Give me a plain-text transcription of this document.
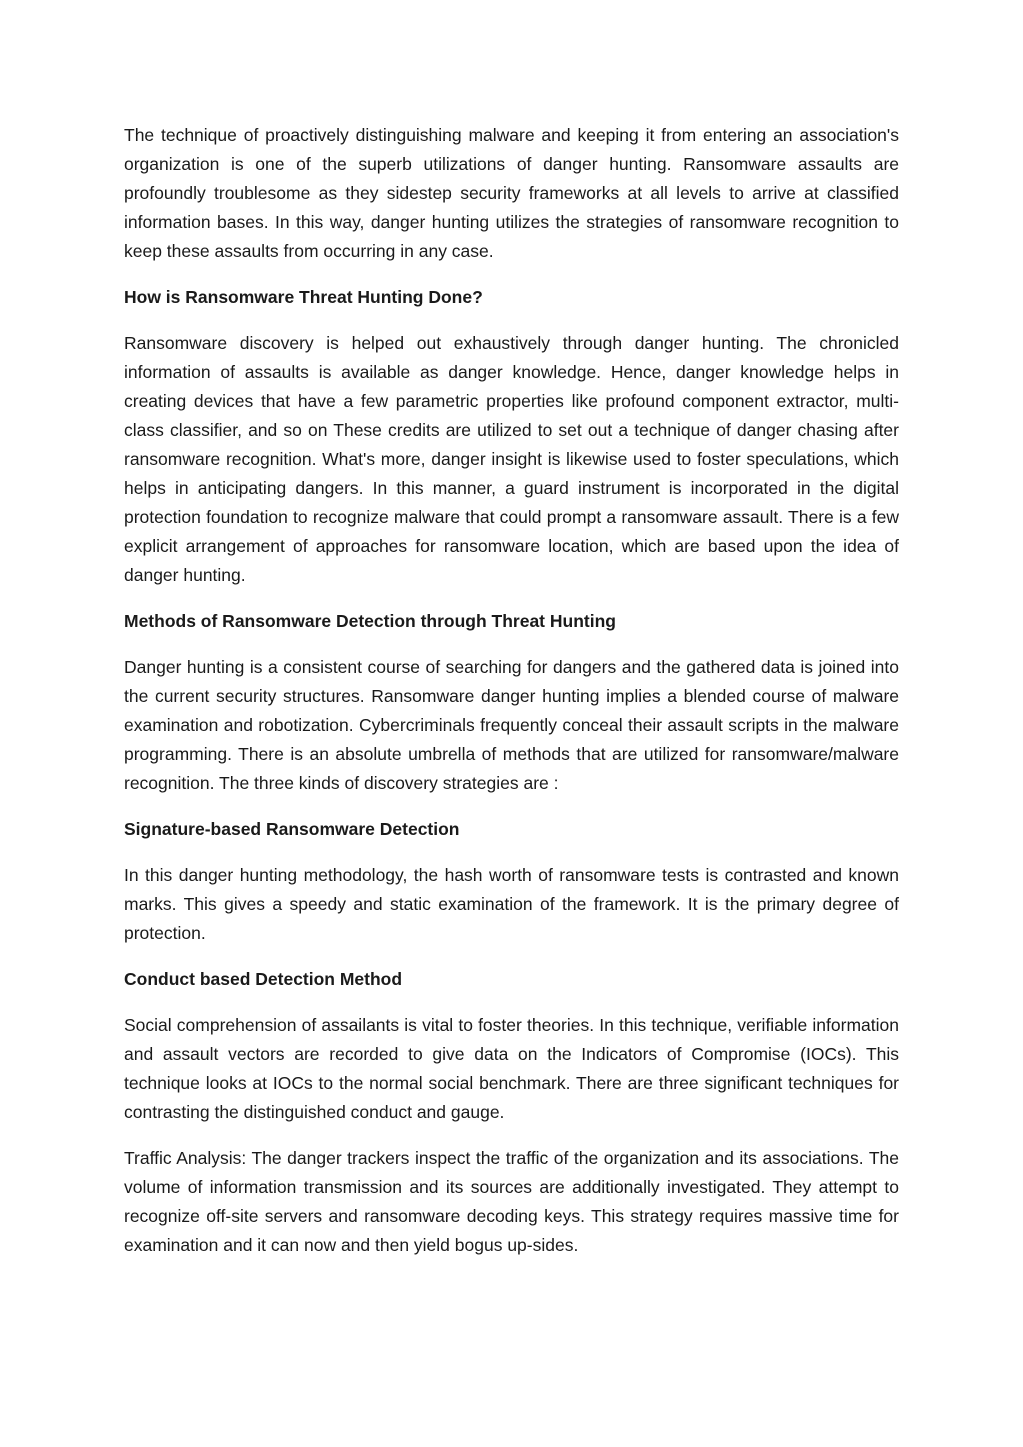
The technique of proactively distinguishing malware and keeping it from entering an association's organization is one of the superb utilizations of danger hunting. Ransomware assaults are profoundly troublesome as they sidestep security frameworks at all levels to arrive at classified information bases. In this way, danger hunting utilizes the strategies of ransomware recognition to keep these assaults from occurring in any case.

How is Ransomware Threat Hunting Done?

Ransomware discovery is helped out exhaustively through danger hunting. The chronicled information of assaults is available as danger knowledge. Hence, danger knowledge helps in creating devices that have a few parametric properties like profound component extractor, multi-class classifier, and so on These credits are utilized to set out a technique of danger chasing after ransomware recognition. What's more, danger insight is likewise used to foster speculations, which helps in anticipating dangers. In this manner, a guard instrument is incorporated in the digital protection foundation to recognize malware that could prompt a ransomware assault. There is a few explicit arrangement of approaches for ransomware location, which are based upon the idea of danger hunting.

Methods of Ransomware Detection through Threat Hunting

Danger hunting is a consistent course of searching for dangers and the gathered data is joined into the current security structures. Ransomware danger hunting implies a blended course of malware examination and robotization. Cybercriminals frequently conceal their assault scripts in the malware programming. There is an absolute umbrella of methods that are utilized for ransomware/malware recognition. The three kinds of discovery strategies are :

Signature-based Ransomware Detection

In this danger hunting methodology, the hash worth of ransomware tests is contrasted and known marks. This gives a speedy and static examination of the framework. It is the primary degree of protection.

Conduct based Detection Method

Social comprehension of assailants is vital to foster theories. In this technique, verifiable information and assault vectors are recorded to give data on the Indicators of Compromise (IOCs). This technique looks at IOCs to the normal social benchmark. There are three significant techniques for contrasting the distinguished conduct and gauge.

Traffic Analysis: The danger trackers inspect the traffic of the organization and its associations. The volume of information transmission and its sources are additionally investigated. They attempt to recognize off-site servers and ransomware decoding keys. This strategy requires massive time for examination and it can now and then yield bogus up-sides.
